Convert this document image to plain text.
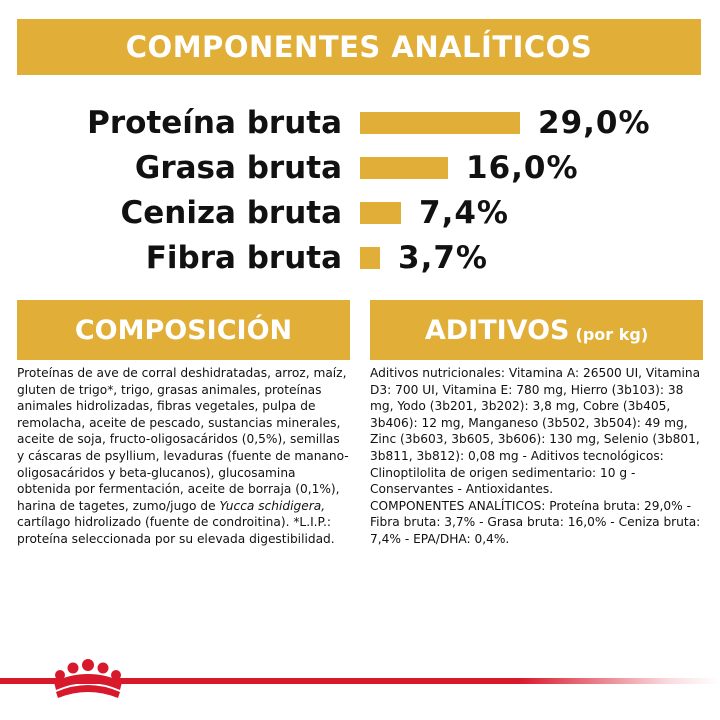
COMPONENTES ANALÍTICOS
Proteína bruta	29,0%
Grasa bruta	16,0%
Ceniza bruta 7,4%
Fibra bruta 3,7%
COMPOSICIÓN	ADITIVOS (por kg)
Proteínas de ave de corral deshidratadas, arroz, maíz, gluten de trigo*, trigo, grasas animales, proteínas animales hidrolizadas, fibras vegetales, pulpa de remolacha, aceite de pescado, sustancias minerales, aceite de soja, fructo-oligosacáridos (0,5%), semillas y cáscaras de psyllium, levaduras (fuente de manano-oligosacáridos y beta-glucanos), glucosamina obtenida por fermentación, aceite de borraja (0,1%), harina de tagetes, zumo/jugo de Yucca schidigera, cartílago hidrolizado (fuente de condroitina). *L.I.P.: proteína seleccionada por su elevada digestibilidad.
Aditivos nutricionales: Vitamina A: 26500 UI, Vitamina D3: 700 UI, Vitamina E: 780 mg, Hierro (3b103): 38 mg, Yodo (3b201, 3b202): 3,8 mg, Cobre (3b405, 3b406): 12 mg, Manganeso (3b502, 3b504): 49 mg, Zinc (3b603, 3b605, 3b606): 130 mg, Selenio (3b801, 3b811, 3b812): 0,08 mg - Aditivos tecnológicos: Clinoptilolita de origen sedimentario: 10 g - Conservantes - Antioxidantes.
COMPONENTES ANALÍTICOS: Proteína bruta: 29,0% - Fibra bruta: 3,7% - Grasa bruta: 16,0% - Ceniza bruta: 7,4% - EPA/DHA: 0,4%.
